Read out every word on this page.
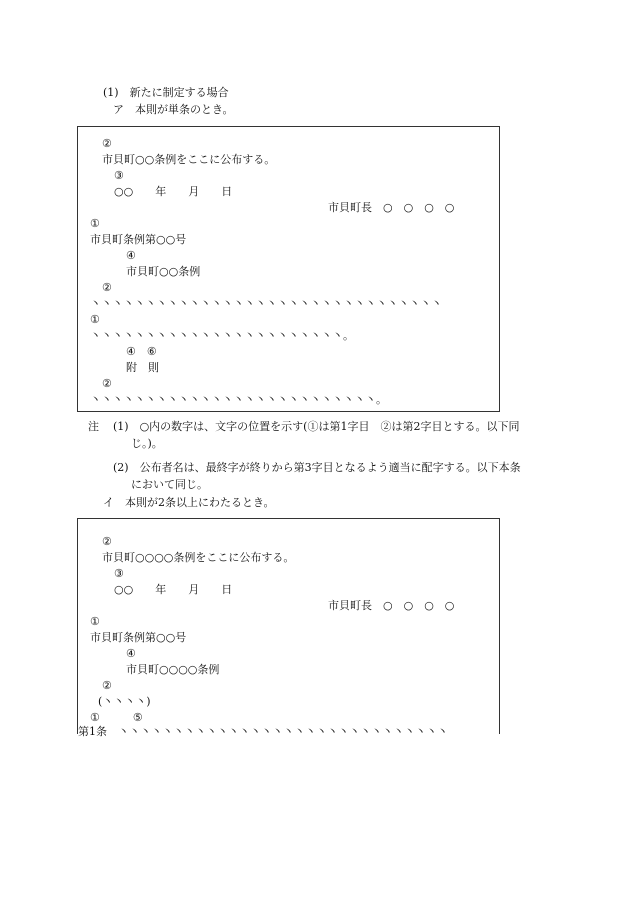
(1)　新たに制定する場合

ア　本則が単条のとき。

②
市貝町○○条例をここに公布する。
③
○○　　年　　月　　日
市貝町長　○　○　○　○
①
市貝町条例第○○号
④
市貝町○○条例
②
丶丶丶丶丶丶丶丶丶丶丶丶丶丶丶丶丶丶丶丶丶丶丶丶丶丶丶丶丶丶丶丶
①
丶丶丶丶丶丶丶丶丶丶丶丶丶丶丶丶丶丶丶丶丶丶丶。
④　⑥
附　則
②
丶丶丶丶丶丶丶丶丶丶丶丶丶丶丶丶丶丶丶丶丶丶丶丶丶丶。

注 (1)　○内の数字は、文字の位置を示す(①は第1字目　②は第2字目とする。以下同

じ。)。

(2)　公布者名は、最終字が終りから第3字目となるよう適当に配字する。以下本条

において同じ。

イ　本則が2条以上にわたるとき。

②
市貝町○○○○条例をここに公布する。
③
○○　　年　　月　　日
市貝町長　○　○　○　○
①
市貝町条例第○○号
④
市貝町○○○○条例
②
(丶丶丶丶)
①　　　⑤
第1条　丶丶丶丶丶丶丶丶丶丶丶丶丶丶丶丶丶丶丶丶丶丶丶丶丶丶丶丶丶丶
